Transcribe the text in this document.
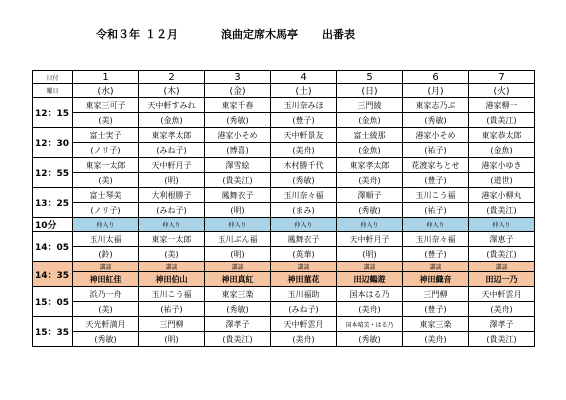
令和３年 １２月	浪曲定席木馬亭 出番表
日付	1	2	3	4	5	6	7
曜日	(水)	(木)	(金)	(土)	(日)	(月)	(火)
12：15	東家三可子	天中軒すみれ	東家千春	玉川奈みほ	三門綾	東家志乃ぶ	港家柳一
	(美)	(金魚)	(秀敏)	(豊子)	(金魚)	(秀敏)	(貴美江)
12：30	富士実子	東家孝太郎	港家小そめ	天中軒景友	富士綾那	港家小そめ	東家恭太郎
	(ノリ子)	(みね子)	(博喜)	(美舟)	(金魚)	(祐子)	(金魚)
12：55	東家一太郎	天中軒月子	澤雪絵	木村勝千代	東家孝太郎	花渡家ちとせ	港家小ゆき
	(美)	(明)	(貴美江)	(秀敏)	(美舟)	(豊子)	(道世)
13：25	富士琴美	大利根勝子	鳳舞衣子	玉川奈々福	澤順子	玉川こう福	港家小柳丸
	(ノリ子)	(みね子)	(明)	(まみ)	(秀敏)	(祐子)	(貴美江)
10分	仲入り	仲入り	仲入り	仲入り	仲入り	仲入り	仲入り
14：05	玉川太福	東家一太郎	玉川ぶん福	鳳舞衣子	天中軒月子	玉川奈々福	澤恵子
	(鈴)	(美)	(明)	(英華)	(明)	(豊子)	(貴美江)
14：35	講談	講談	講談	講談	講談	講談	講談
	神田紅佳	神田伯山	神田真紅	神田菫花	田辺鶴遊	神田織音	田辺一乃
15：05	浜乃一舟	玉川こう福	東家三楽	玉川福助	国本はる乃	三門柳	天中軒雲月
	(美)	(祐子)	(秀敏)	(みね子)	(美舟)	(豊子)	(美舟)
15：35	天光軒満月	三門柳	澤孝子	天中軒雲月	国本晴美・はる乃	東家三楽	澤孝子
	(秀敏)	(明)	(貴美江)	(美舟)	(秀敏)	(美舟)	(貴美江)
